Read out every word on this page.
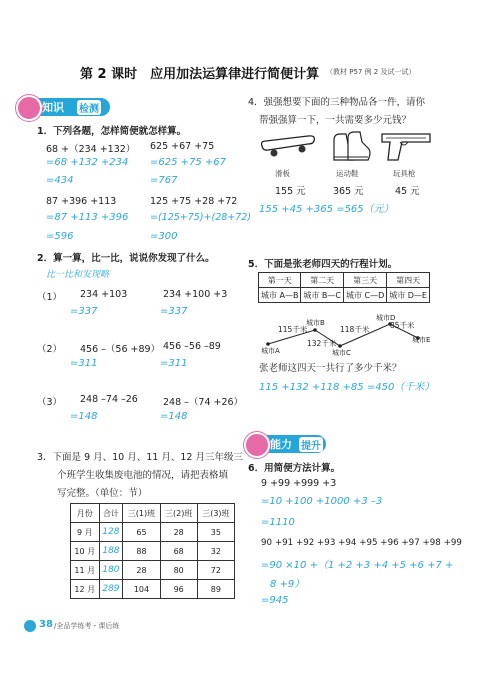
第 2 课时　应用加法运算律进行简便计算 （教材 P57 例 2 及试一试）
知识 检测
1．下列各题，怎样简便就怎样算。
68 +（234 +132）
=68 +132 +234
=434
625 +67 +75
=625 +75 +67
=767
87 +396 +113
=87 +113 +396
=596
125 +75 +28 +72
=(125+75)+(28+72)
=300
2．算一算，比一比，说说你发现了什么。
比一比和发现略
（1） 234 +103	234 +100 +3
=337	=337
（2） 456 –（56 +89） 456 –56 –89
=311	=311
（3） 248 –74 –26	248 –（74 +26）
=148	=148
3．下面是 9 月、10 月、11 月、12 月三年级三
个班学生收集废电池的情况，请把表格填
写完整。（单位：节）
月份	合计	三(1)班	三(2)班	三(3)班
9 月	128	65	28	35
10 月	188	88	68	32
11 月	180	28	80	72
12 月	289	104	96	89
4．强强想要下面的三种物品各一件，请你
帮强强算一下，一共需要多少元钱？
滑板	运动鞋	玩具枪
155 元	365 元	45 元
155 +45 +365 =565（元）
5．下面是张老师四天的行程计划。
第一天	第二天	第三天	第四天
城市 A—B	城市 B—C	城市 C—D	城市 D—E
城市A
城市B
城市C
城市D
城市E
115千米
132千米
118千米	85千米
张老师这四天一共行了多少千米？
115 +132 +118 +85 =450（千米）
能力 提升
6．用简便方法计算。
9 +99 +999 +3
=10 +100 +1000 +3 –3
=1110
90 +91 +92 +93 +94 +95 +96 +97 +98 +99
=90 ×10 +（1 +2 +3 +4 +5 +6 +7 +
8 +9）
=945
38 /全品学练考・课后练
